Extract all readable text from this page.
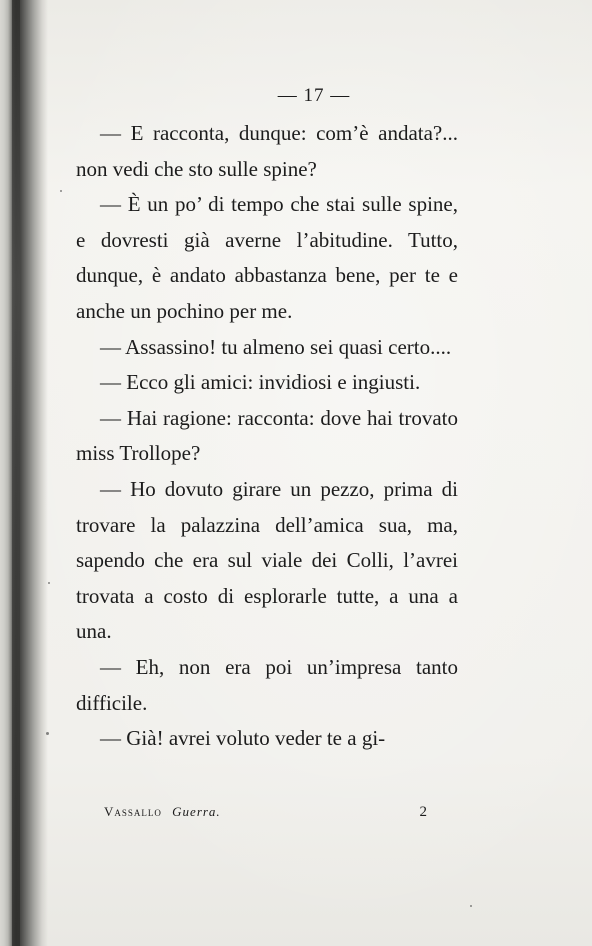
— 17 —

— E racconta, dunque: com’è andata?... non vedi che sto sulle spine?

— È un po’ di tempo che stai sulle spine, e dovresti già averne l’abitudine. Tutto, dunque, è andato abbastanza bene, per te e anche un pochino per me.

— Assassino! tu almeno sei quasi certo....

— Ecco gli amici: invidiosi e ingiusti.

— Hai ragione: racconta: dove hai trovato miss Trollope?

— Ho dovuto girare un pezzo, prima di trovare la palazzina dell’amica sua, ma, sapendo che era sul viale dei Colli, l’avrei trovata a costo di esplorarle tutte, a una a una.

— Eh, non era poi un’impresa tanto difficile.

— Già! avrei voluto veder te a gi-

Vassallo Guerra.	2
